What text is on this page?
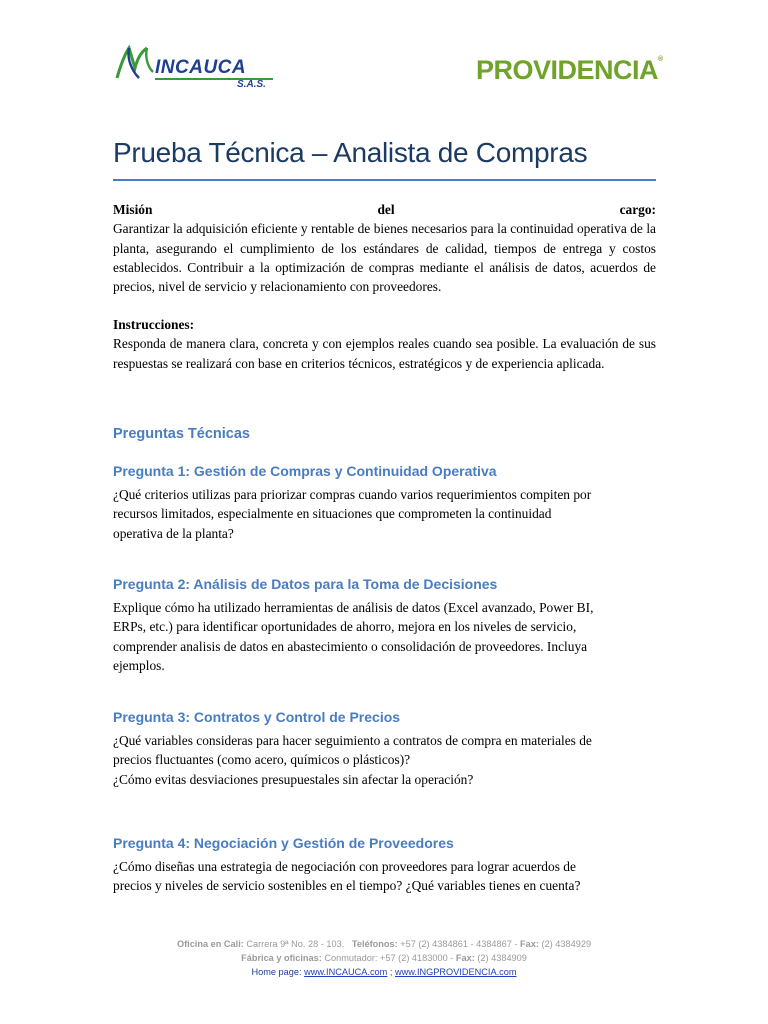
INCAUCA
S.A.S.	PROVIDENCIA®
Prueba Técnica – Analista de Compras
Misión	del	cargo:
Garantizar la adquisición eficiente y rentable de bienes necesarios para la continuidad operativa de la planta, asegurando el cumplimiento de los estándares de calidad, tiempos de entrega y costos establecidos. Contribuir a la optimización de compras mediante el análisis de datos, acuerdos de precios, nivel de servicio y relacionamiento con proveedores.
Instrucciones:
Responda de manera clara, concreta y con ejemplos reales cuando sea posible. La evaluación de sus respuestas se realizará con base en criterios técnicos, estratégicos y de experiencia aplicada.
Preguntas Técnicas
Pregunta 1: Gestión de Compras y Continuidad Operativa
¿Qué criterios utilizas para priorizar compras cuando varios requerimientos compiten por
recursos limitados, especialmente en situaciones que comprometen la continuidad
operativa de la planta?
Pregunta 2: Análisis de Datos para la Toma de Decisiones
Explique cómo ha utilizado herramientas de análisis de datos (Excel avanzado, Power BI,
ERPs, etc.) para identificar oportunidades de ahorro, mejora en los niveles de servicio,
comprender analisis de datos en abastecimiento o consolidación de proveedores. Incluya
ejemplos.
Pregunta 3: Contratos y Control de Precios
¿Qué variables consideras para hacer seguimiento a contratos de compra en materiales de
precios fluctuantes (como acero, químicos o plásticos)?
¿Cómo evitas desviaciones presupuestales sin afectar la operación?
Pregunta 4: Negociación y Gestión de Proveedores
¿Cómo diseñas una estrategia de negociación con proveedores para lograr acuerdos de
precios y niveles de servicio sostenibles en el tiempo? ¿Qué variables tienes en cuenta?
Oficina en Cali: Carrera 9ª No. 28 - 103.   Teléfonos: +57 (2) 4384861 - 4384867 - Fax: (2) 4384929
Fábrica y oficinas: Conmutador: +57 (2) 4183000 - Fax: (2) 4384909
Home page: www.INCAUCA.com ; www.INGPROVIDENCIA.com
